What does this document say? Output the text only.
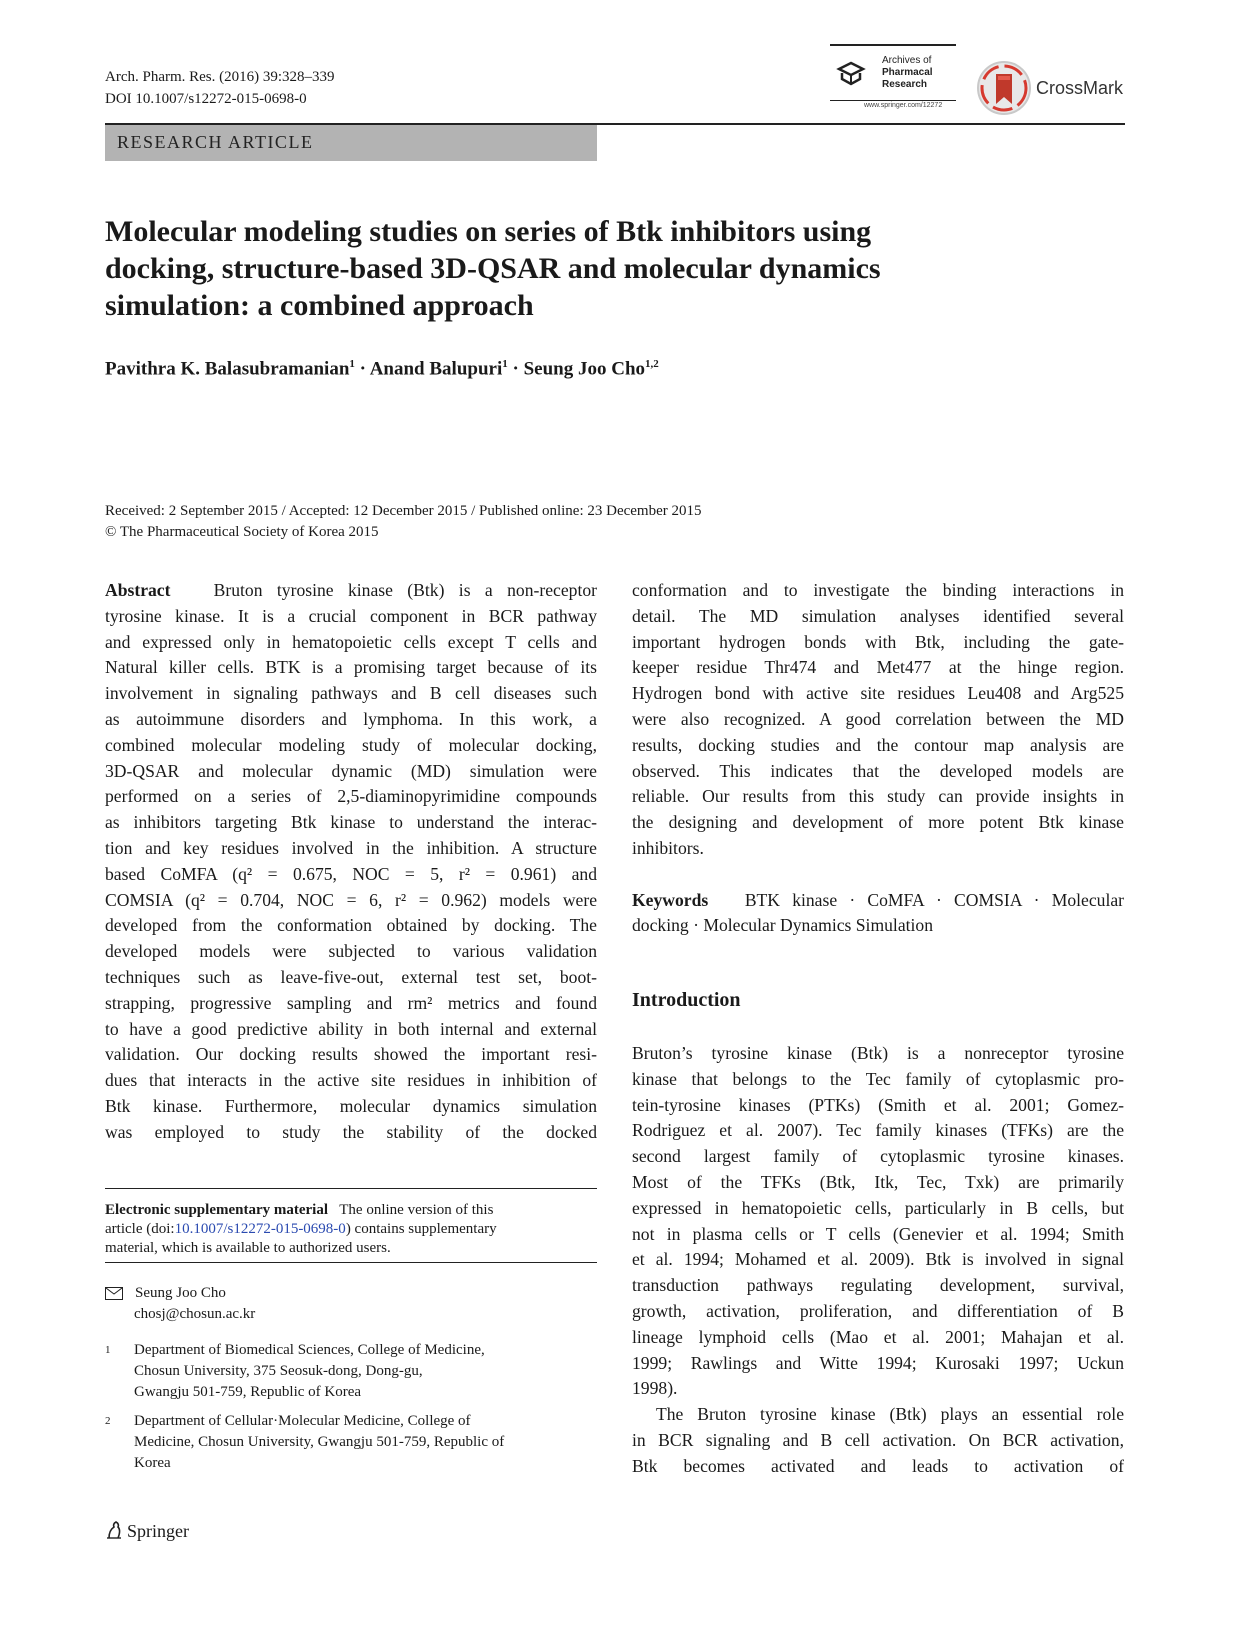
Arch. Pharm. Res. (2016) 39:328–339
DOI 10.1007/s12272-015-0698-0
Archives of
Pharmacal
Research
www.springer.com/12272
CrossMark
RESEARCH ARTICLE
Molecular modeling studies on series of Btk inhibitors using
docking, structure-based 3D-QSAR and molecular dynamics
simulation: a combined approach
Pavithra K. Balasubramanian$^1$ · Anand Balupuri$^1$ · Seung Joo Cho$^{1,2}$
Received: 2 September 2015 / Accepted: 12 December 2015 / Published online: 23 December 2015
© The Pharmaceutical Society of Korea 2015
Abstract Bruton tyrosine kinase (Btk) is a non-receptor
tyrosine kinase. It is a crucial component in BCR pathway
and expressed only in hematopoietic cells except T cells and
Natural killer cells. BTK is a promising target because of its
involvement in signaling pathways and B cell diseases such
as autoimmune disorders and lymphoma. In this work, a
combined molecular modeling study of molecular docking,
3D-QSAR and molecular dynamic (MD) simulation were
performed on a series of 2,5-diaminopyrimidine compounds
as inhibitors targeting Btk kinase to understand the interac-
tion and key residues involved in the inhibition. A structure
based CoMFA (q² = 0.675, NOC = 5, r² = 0.961) and
COMSIA (q² = 0.704, NOC = 6, r² = 0.962) models were
developed from the conformation obtained by docking. The
developed models were subjected to various validation
techniques such as leave-five-out, external test set, boot-
strapping, progressive sampling and rm² metrics and found
to have a good predictive ability in both internal and external
validation. Our docking results showed the important resi-
dues that interacts in the active site residues in inhibition of
Btk kinase. Furthermore, molecular dynamics simulation
was employed to study the stability of the docked
conformation and to investigate the binding interactions in
detail. The MD simulation analyses identified several
important hydrogen bonds with Btk, including the gate-
keeper residue Thr474 and Met477 at the hinge region.
Hydrogen bond with active site residues Leu408 and Arg525
were also recognized. A good correlation between the MD
results, docking studies and the contour map analysis are
observed. This indicates that the developed models are
reliable. Our results from this study can provide insights in
the designing and development of more potent Btk kinase
inhibitors.
Keywords BTK kinase · CoMFA · COMSIA · Molecular
docking · Molecular Dynamics Simulation
Introduction
Bruton’s tyrosine kinase (Btk) is a nonreceptor tyrosine
kinase that belongs to the Tec family of cytoplasmic pro-
tein-tyrosine kinases (PTKs) (Smith et al. 2001; Gomez-
Rodriguez et al. 2007). Tec family kinases (TFKs) are the
second largest family of cytoplasmic tyrosine kinases.
Most of the TFKs (Btk, Itk, Tec, Txk) are primarily
expressed in hematopoietic cells, particularly in B cells, but
not in plasma cells or T cells (Genevier et al. 1994; Smith
et al. 1994; Mohamed et al. 2009). Btk is involved in signal
transduction pathways regulating development, survival,
growth, activation, proliferation, and differentiation of B
lineage lymphoid cells (Mao et al. 2001; Mahajan et al.
1999; Rawlings and Witte 1994; Kurosaki 1997; Uckun
1998).
The Bruton tyrosine kinase (Btk) plays an essential role
in BCR signaling and B cell activation. On BCR activation,
Btk becomes activated and leads to activation of
Electronic supplementary material The online version of this
article (doi:10.1007/s12272-015-0698-0) contains supplementary
material, which is available to authorized users.
Seung Joo Cho
chosj@chosun.ac.kr
1 Department of Biomedical Sciences, College of Medicine,
Chosun University, 375 Seosuk-dong, Dong-gu,
Gwangju 501-759, Republic of Korea
2 Department of Cellular·Molecular Medicine, College of
Medicine, Chosun University, Gwangju 501-759, Republic of
Korea
Springer
